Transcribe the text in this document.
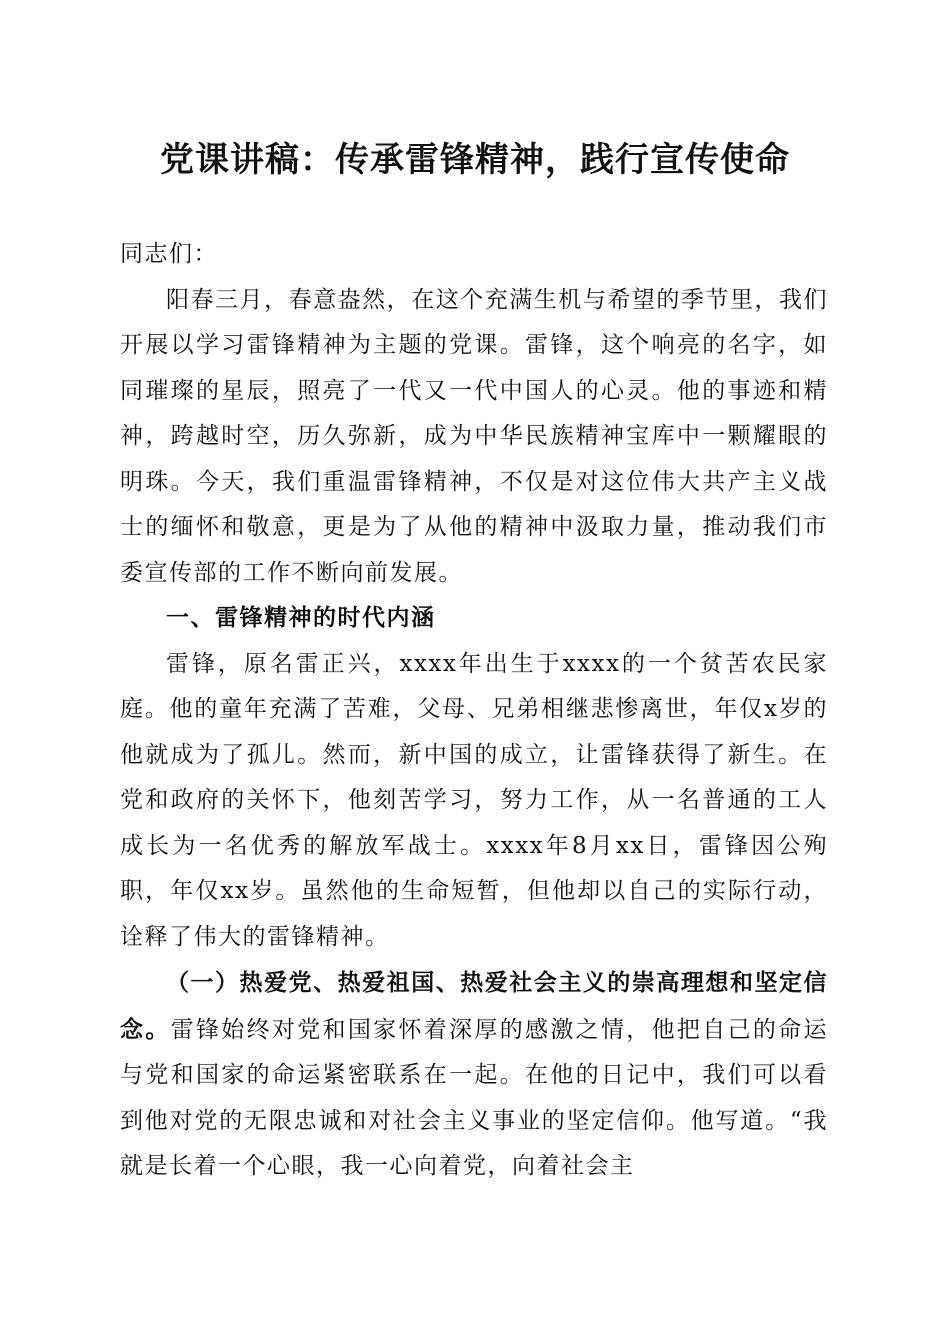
党课讲稿：传承雷锋精神，践行宣传使命

同志们：

阳春三月，春意盎然，在这个充满生机与希望的季节里，我们开展以学习雷锋精神为主题的党课。雷锋，这个响亮的名字，如同璀璨的星辰，照亮了一代又一代中国人的心灵。他的事迹和精神，跨越时空，历久弥新，成为中华民族精神宝库中一颗耀眼的明珠。今天，我们重温雷锋精神，不仅是对这位伟大共产主义战士的缅怀和敬意，更是为了从他的精神中汲取力量，推动我们市委宣传部的工作不断向前发展。

一、雷锋精神的时代内涵

雷锋，原名雷正兴，xxxx年出生于xxxx的一个贫苦农民家庭。他的童年充满了苦难，父母、兄弟相继悲惨离世，年仅x岁的他就成为了孤儿。然而，新中国的成立，让雷锋获得了新生。在党和政府的关怀下，他刻苦学习，努力工作，从一名普通的工人成长为一名优秀的解放军战士。xxxx年8月xx日，雷锋因公殉职，年仅xx岁。虽然他的生命短暂，但他却以自己的实际行动，诠释了伟大的雷锋精神。

（一）热爱党、热爱祖国、热爱社会主义的崇高理想和坚定信念。雷锋始终对党和国家怀着深厚的感激之情，他把自己的命运与党和国家的命运紧密联系在一起。在他的日记中，我们可以看到他对党的无限忠诚和对社会主义事业的坚定信仰。他写道。“我就是长着一个心眼，我一心向着党，向着社会主
